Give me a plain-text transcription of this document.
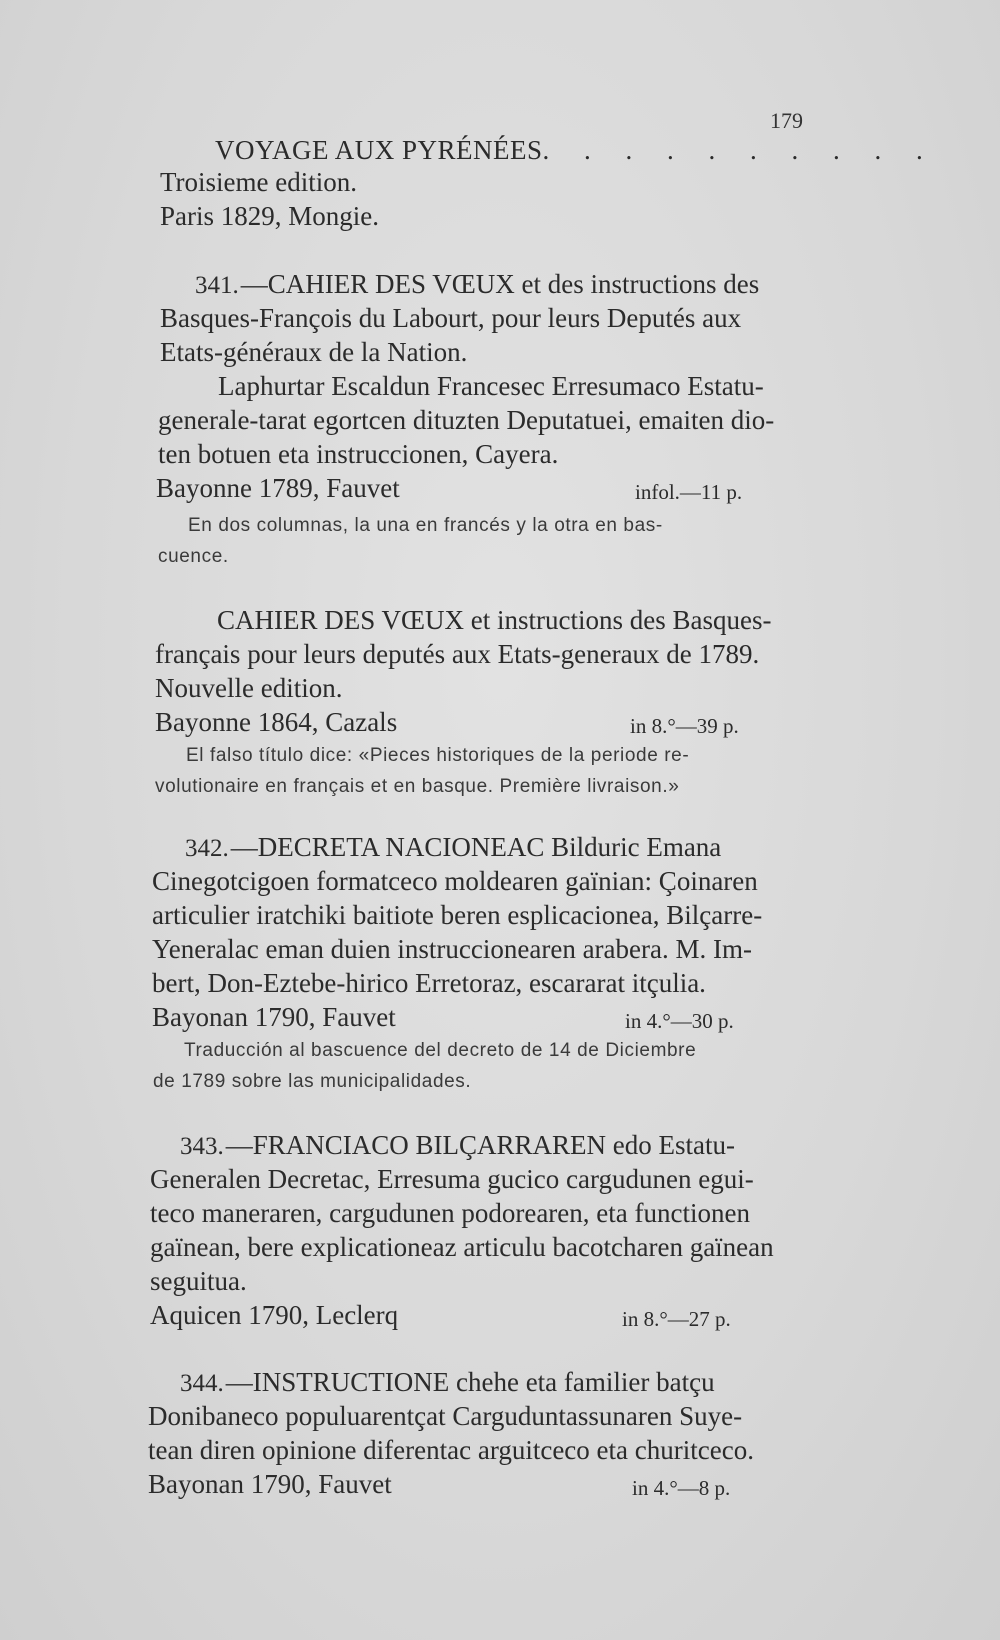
179
VOYAGE AUX PYRÉNÉES. . . . . . . . . .
Troisieme edition.
Paris 1829, Mongie.
341.—CAHIER DES VŒUX et des instructions des
Basques-François du Labourt, pour leurs Deputés aux
Etats-généraux de la Nation.
Laphurtar Escaldun Francesec Erresumaco Estatu-
generale-tarat egortcen dituzten Deputatuei, emaiten dio-
ten botuen eta instruccionen, Cayera.
Bayonne 1789, Fauvet	infol.—11 p.
En dos columnas, la una en francés y la otra en bas-
cuence.
CAHIER DES VŒUX et instructions des Basques-
français pour leurs deputés aux Etats-generaux de 1789.
Nouvelle edition.
Bayonne 1864, Cazals	in 8.°—39 p.
El falso título dice: «Pieces historiques de la periode re-
volutionaire en français et en basque. Première livraison.»
342.—DECRETA NACIONEAC Bilduric Emana
Cinegotcigoen formatceco moldearen gaïnian: Çoinaren
articulier iratchiki baitiote beren esplicacionea, Bilçarre-
Yeneralac eman duien instruccionearen arabera. M. Im-
bert, Don-Eztebe-hirico Erretoraz, escararat itçulia.
Bayonan 1790, Fauvet	in 4.°—30 p.
Traducción al bascuence del decreto de 14 de Diciembre
de 1789 sobre las municipalidades.
343.—FRANCIACO BILÇARRAREN edo Estatu-
Generalen Decretac, Erresuma gucico cargudunen egui-
teco maneraren, cargudunen podorearen, eta functionen
gaïnean, bere explicationeaz articulu bacotcharen gaïnean
seguitua.
Aquicen 1790, Leclerq	in 8.°—27 p.
344.—INSTRUCTIONE chehe eta familier batçu
Donibaneco populuarentçat Carguduntassunaren Suye-
tean diren opinione diferentac arguitceco eta churitceco.
Bayonan 1790, Fauvet	in 4.°—8 p.
